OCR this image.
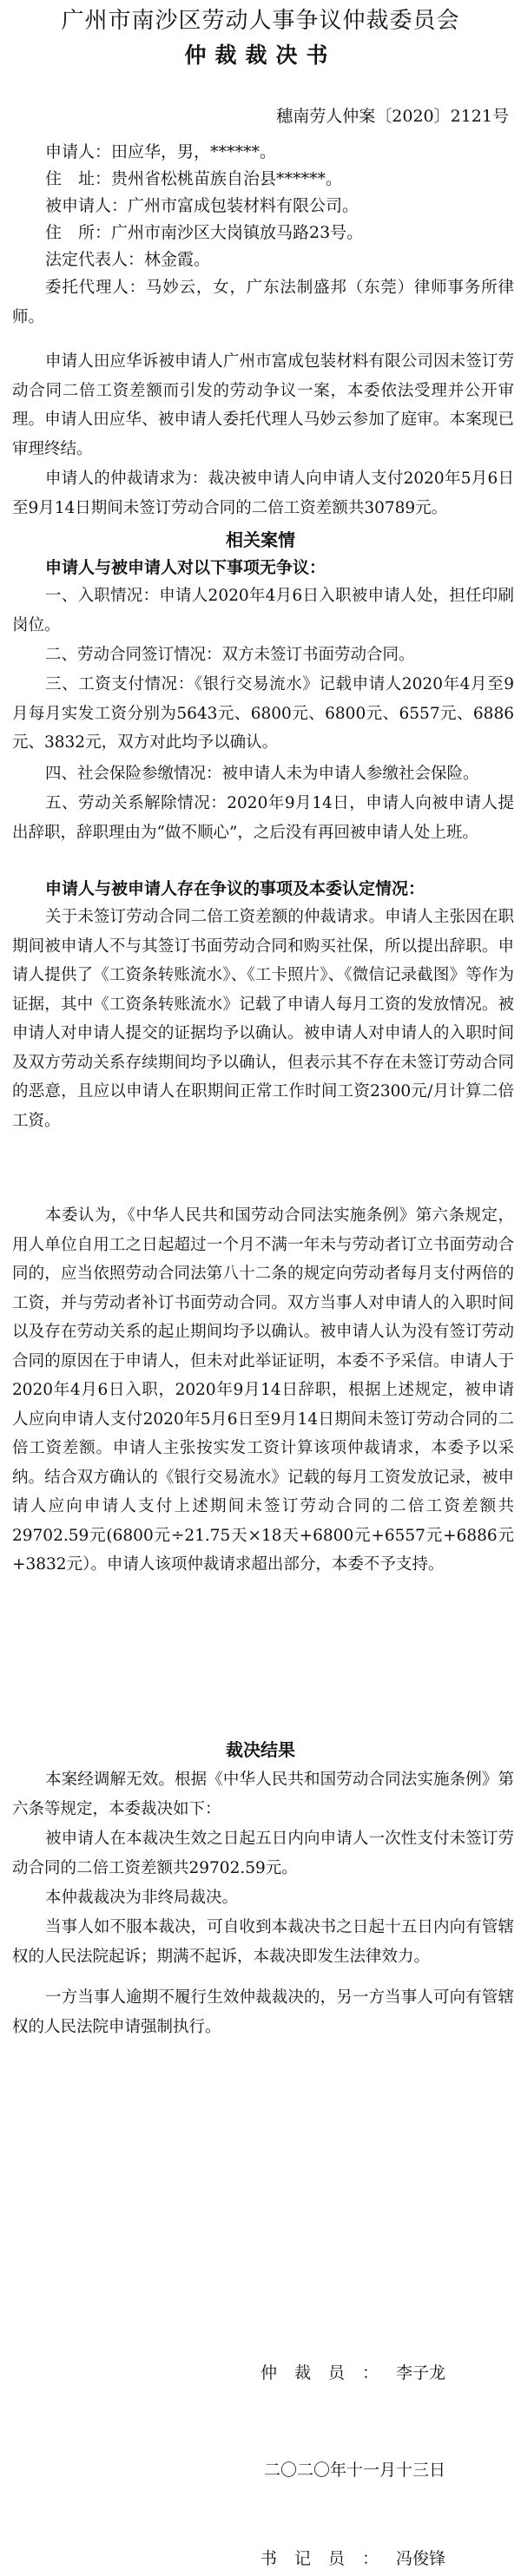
广州市南沙区劳动人事争议仲裁委员会
仲裁裁决书
穗南劳人仲案〔2020〕2121号
申请人：田应华，男，******。
住　址：贵州省松桃苗族自治县******。
被申请人：广州市富成包装材料有限公司。
住　所：广州市南沙区大岗镇放马路23号。
法定代表人：林金霞。

委托代理人：马妙云，女，广东法制盛邦（东莞）律师事务所律师。

申请人田应华诉被申请人广州市富成包装材料有限公司因未签订劳动合同二倍工资差额而引发的劳动争议一案，本委依法受理并公开审理。申请人田应华、被申请人委托代理人马妙云参加了庭审。本案现已审理终结。

申请人的仲裁请求为：裁决被申请人向申请人支付2020年5月6日至9月14日期间未签订劳动合同的二倍工资差额共30789元。

相关案情
申请人与被申请人对以下事项无争议：

一、入职情况：申请人2020年4月6日入职被申请人处，担任印刷岗位。

二、劳动合同签订情况：双方未签订书面劳动合同。

三、工资支付情况：《银行交易流水》记载申请人2020年4月至9月每月实发工资分别为5643元、6800元、6800元、6557元、6886元、3832元，双方对此均予以确认。

四、社会保险参缴情况：被申请人未为申请人参缴社会保险。

五、劳动关系解除情况：2020年9月14日，申请人向被申请人提出辞职，辞职理由为“做不顺心”，之后没有再回被申请人处上班。

申请人与被申请人存在争议的事项及本委认定情况：

关于未签订劳动合同二倍工资差额的仲裁请求。申请人主张因在职期间被申请人不与其签订书面劳动合同和购买社保，所以提出辞职。申请人提供了《工资条转账流水》、《工卡照片》、《微信记录截图》等作为证据，其中《工资条转账流水》记载了申请人每月工资的发放情况。被申请人对申请人提交的证据均予以确认。被申请人对申请人的入职时间及双方劳动关系存续期间均予以确认，但表示其不存在未签订劳动合同的恶意，且应以申请人在职期间正常工作时间工资2300元/月计算二倍工资。

本委认为，《中华人民共和国劳动合同法实施条例》第六条规定，用人单位自用工之日起超过一个月不满一年未与劳动者订立书面劳动合同的，应当依照劳动合同法第八十二条的规定向劳动者每月支付两倍的工资，并与劳动者补订书面劳动合同。双方当事人对申请人的入职时间以及存在劳动关系的起止期间均予以确认。被申请人认为没有签订劳动合同的原因在于申请人，但未对此举证证明，本委不予采信。申请人于2020年4月6日入职，2020年9月14日辞职，根据上述规定，被申请人应向申请人支付2020年5月6日至9月14日期间未签订劳动合同的二倍工资差额。申请人主张按实发工资计算该项仲裁请求，本委予以采纳。结合双方确认的《银行交易流水》记载的每月工资发放记录，被申请人应向申请人支付上述期间未签订劳动合同的二倍工资差额共29702.59元(6800元÷21.75天×18天+6800元+6557元+6886元+3832元）。申请人该项仲裁请求超出部分，本委不予支持。

裁决结果

本案经调解无效。根据《中华人民共和国劳动合同法实施条例》第六条等规定，本委裁决如下：

被申请人在本裁决生效之日起五日内向申请人一次性支付未签订劳动合同的二倍工资差额共29702.59元。

本仲裁裁决为非终局裁决。

当事人如不服本裁决，可自收到本裁决书之日起十五日内向有管辖权的人民法院起诉；期满不起诉，本裁决即发生法律效力。

一方当事人逾期不履行生效仲裁裁决的，另一方当事人可向有管辖权的人民法院申请强制执行。

仲裁员：李子龙
二〇二〇年十一月十三日
书记员：冯俊锋
